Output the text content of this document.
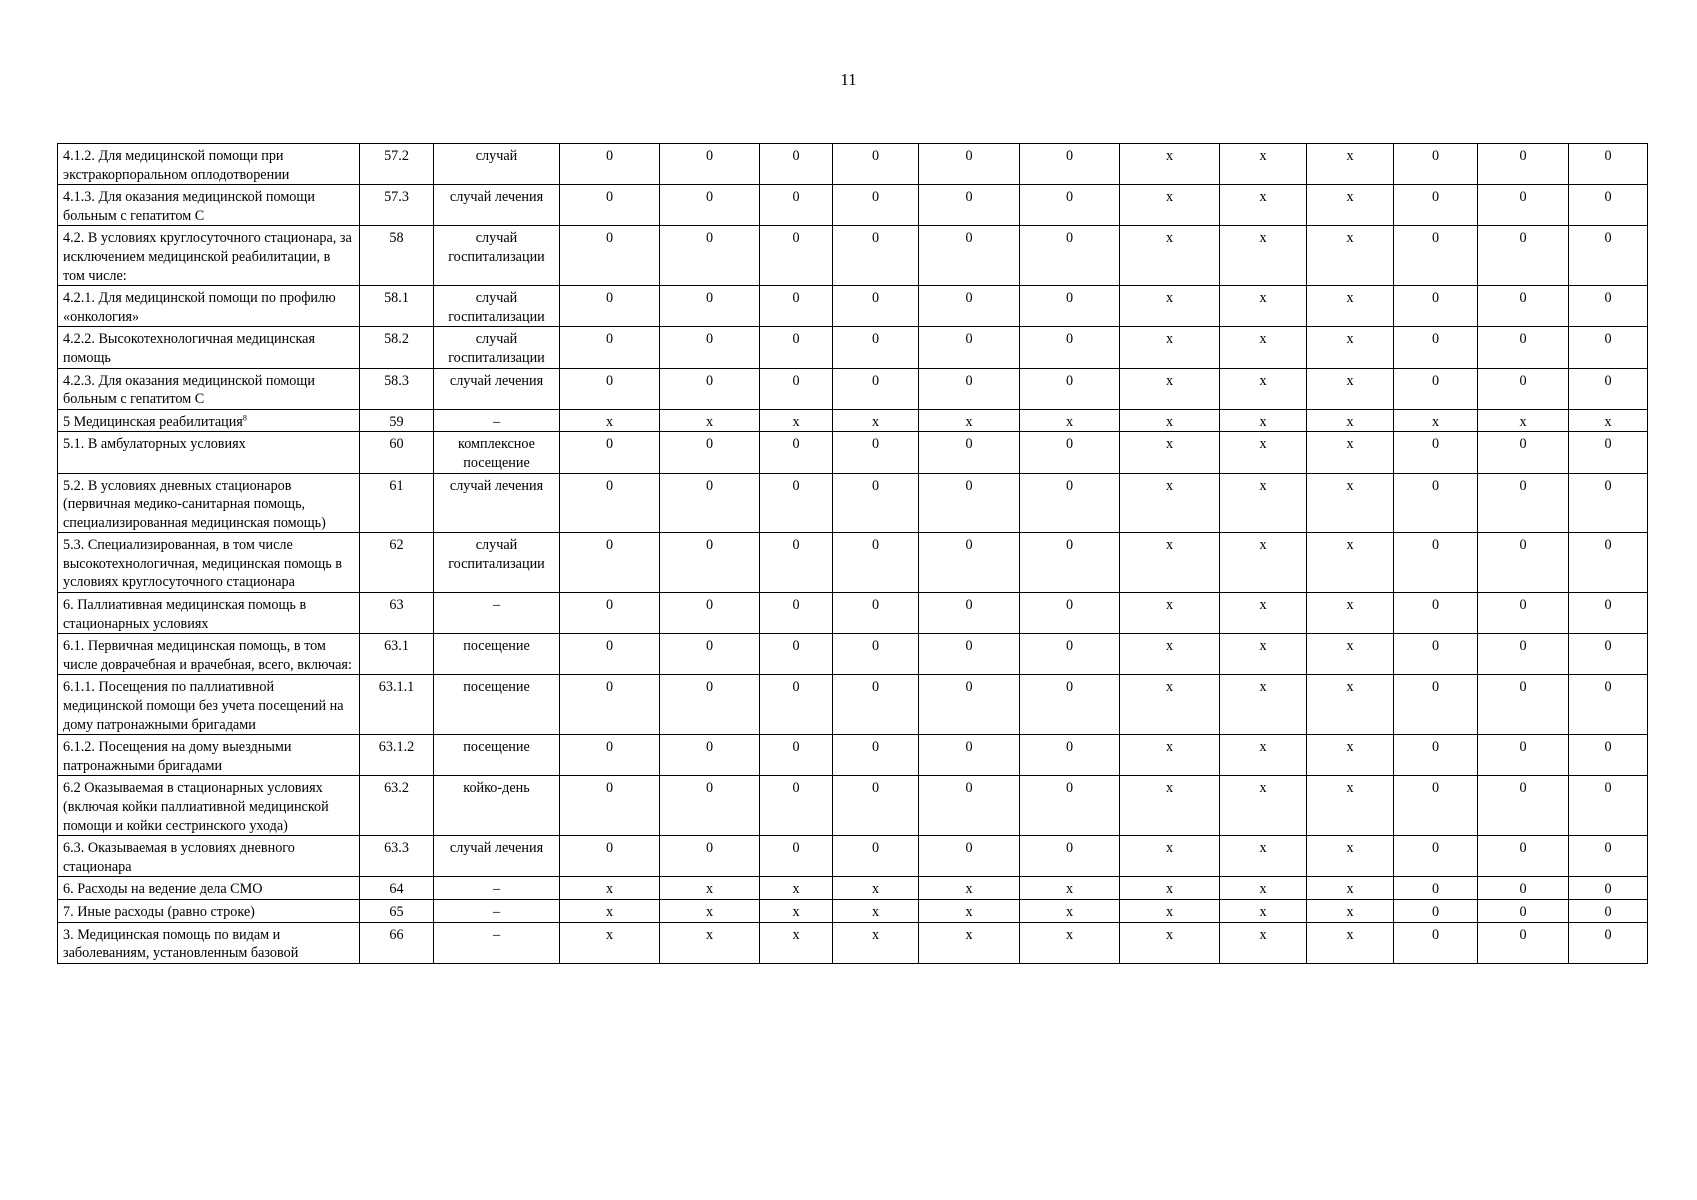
11
4.1.2. Для медицинской помощи при экстракорпоральном оплодотворении	57.2	случай	0	0	0	0	0	0	х	х	х	0	0	0
4.1.3. Для оказания медицинской помощи больным с гепатитом С	57.3	случай лечения	0	0	0	0	0	0	х	х	х	0	0	0
4.2. В условиях круглосуточного стационара, за исключением медицинской реабилитации, в том числе:	58	случай госпитализации	0	0	0	0	0	0	х	х	х	0	0	0
4.2.1. Для медицинской помощи по профилю «онкология»	58.1	случай госпитализации	0	0	0	0	0	0	х	х	х	0	0	0
4.2.2. Высокотехнологичная медицинская помощь	58.2	случай госпитализации	0	0	0	0	0	0	х	х	х	0	0	0
4.2.3. Для оказания медицинской помощи больным с гепатитом С	58.3	случай лечения	0	0	0	0	0	0	х	х	х	0	0	0
5 Медицинская реабилитация$^8$	59	–	х	х	х	х	х	х	х	х	х	х	х	х
5.1. В амбулаторных условиях	60	комплексное посещение	0	0	0	0	0	0	х	х	х	0	0	0
5.2. В условиях дневных стационаров (первичная медико-санитарная помощь, специализированная медицинская помощь)	61	случай лечения	0	0	0	0	0	0	х	х	х	0	0	0
5.3. Специализированная, в том числе высокотехнологичная, медицинская помощь в условиях круглосуточного стационара	62	случай госпитализации	0	0	0	0	0	0	х	х	х	0	0	0
6. Паллиативная медицинская помощь в стационарных условиях	63	–	0	0	0	0	0	0	х	х	х	0	0	0
6.1. Первичная медицинская помощь, в том числе доврачебная и врачебная, всего, включая:	63.1	посещение	0	0	0	0	0	0	х	х	х	0	0	0
6.1.1. Посещения по паллиативной медицинской помощи без учета посещений на дому патронажными бригадами	63.1.1	посещение	0	0	0	0	0	0	х	х	х	0	0	0
6.1.2. Посещения на дому выездными патронажными бригадами	63.1.2	посещение	0	0	0	0	0	0	х	х	х	0	0	0
6.2 Оказываемая в стационарных условиях (включая койки паллиативной медицинской помощи и койки сестринского ухода)	63.2	койко-день	0	0	0	0	0	0	х	х	х	0	0	0
6.3. Оказываемая в условиях дневного стационара	63.3	случай лечения	0	0	0	0	0	0	х	х	х	0	0	0
6. Расходы на ведение дела СМО	64	–	х	х	х	х	х	х	х	х	х	0	0	0
7. Иные расходы (равно строке)	65	–	х	х	х	х	х	х	х	х	х	0	0	0
3. Медицинская помощь по видам и заболеваниям, установленным базовой	66	–	х	х	х	х	х	х	х	х	х	0	0	0
